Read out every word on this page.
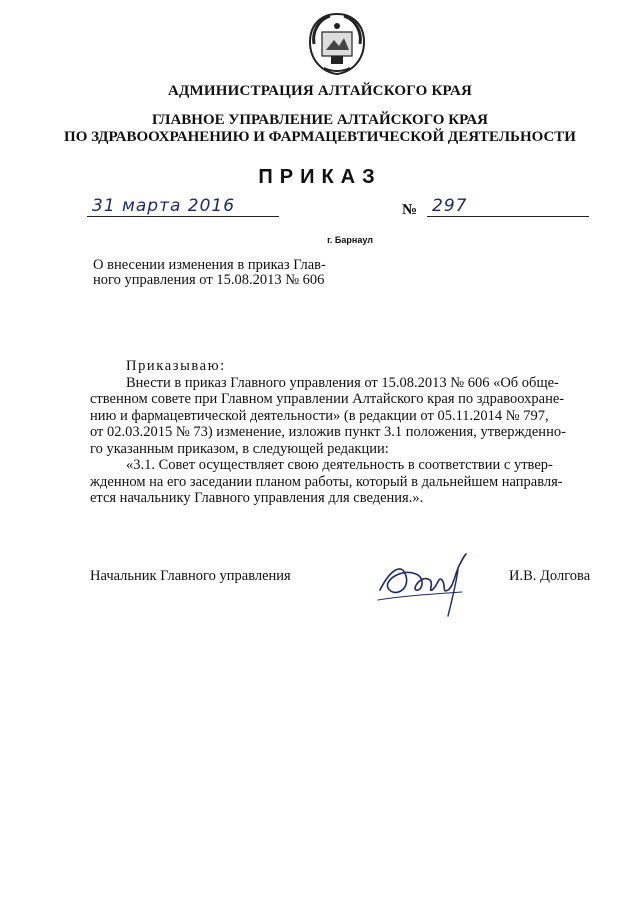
АДМИНИСТРАЦИЯ АЛТАЙСКОГО КРАЯ
ГЛАВНОЕ УПРАВЛЕНИЕ АЛТАЙСКОГО КРАЯ
ПО ЗДРАВООХРАНЕНИЮ И ФАРМАЦЕВТИЧЕСКОЙ ДЕЯТЕЛЬНОСТИ
ПРИКАЗ
31 марта 2016	№ 297
г. Барнаул
О внесении изменения в приказ Глав-
ного управления от 15.08.2013 № 606

Приказываю:

Внести в приказ Главного управления от 15.08.2013 № 606 «Об обще-

ственном совете при Главном управлении Алтайского края по здравоохране-

нию и фармацевтической деятельности» (в редакции от 05.11.2014 № 797,

от 02.03.2015 № 73) изменение, изложив пункт 3.1 положения, утвержденно-

го указанным приказом, в следующей редакции:

«3.1. Совет осуществляет свою деятельность в соответствии с утвер-

жденном на его заседании планом работы, который в дальнейшем направля-

ется начальнику Главного управления для сведения.».

Начальник Главного управления	И.В. Долгова
